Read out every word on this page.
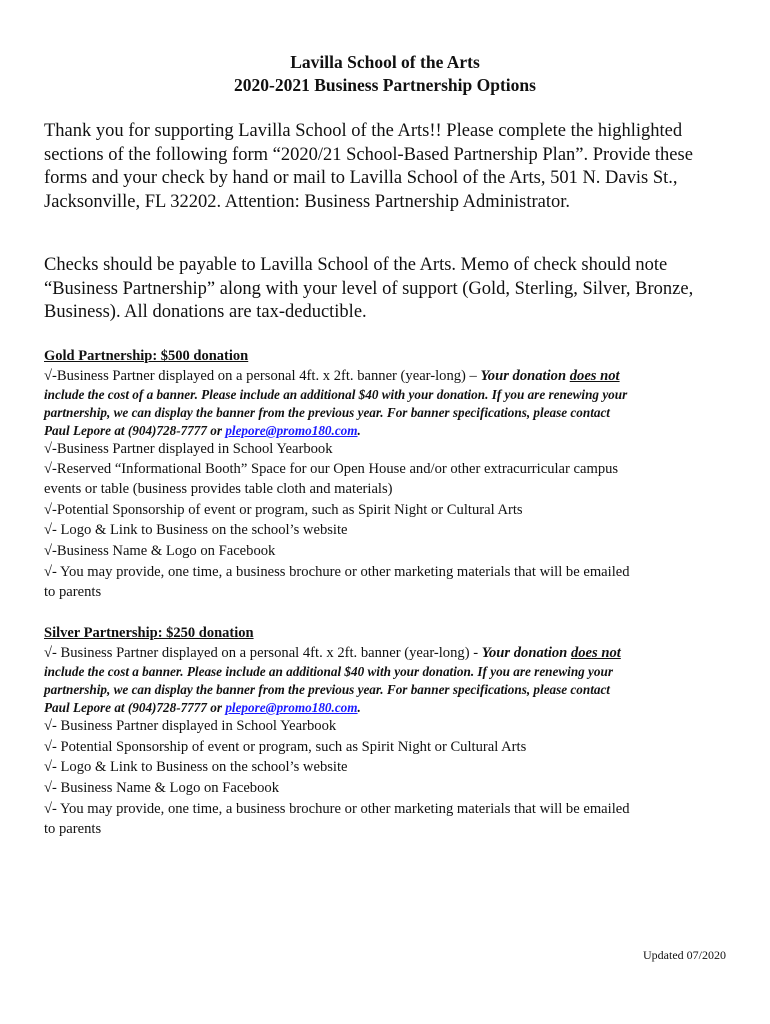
Lavilla School of the Arts
2020-2021 Business Partnership Options
Thank you for supporting Lavilla School of the Arts!! Please complete the highlighted sections of the following form “2020/21 School-Based Partnership Plan”. Provide these forms and your check by hand or mail to Lavilla School of the Arts, 501 N. Davis St., Jacksonville, FL 32202. Attention: Business Partnership Administrator.
Checks should be payable to Lavilla School of the Arts. Memo of check should note “Business Partnership” along with your level of support (Gold, Sterling, Silver, Bronze, Business). All donations are tax-deductible.
Gold Partnership: $500 donation
√-Business Partner displayed on a personal 4ft. x 2ft. banner (year-long) – Your donation does not
include the cost of a banner. Please include an additional $40 with your donation. If you are renewing your
partnership, we can display the banner from the previous year. For banner specifications, please contact
Paul Lepore at (904)728-7777 or plepore@promo180.com.
√-Business Partner displayed in School Yearbook
√-Reserved “Informational Booth” Space for our Open House and/or other extracurricular campus
events or table (business provides table cloth and materials)
√-Potential Sponsorship of event or program, such as Spirit Night or Cultural Arts
√- Logo & Link to Business on the school’s website
√-Business Name & Logo on Facebook
√- You may provide, one time, a business brochure or other marketing materials that will be emailed
to parents
Silver Partnership: $250 donation
√- Business Partner displayed on a personal 4ft. x 2ft. banner (year-long) - Your donation does not
include the cost a banner. Please include an additional $40 with your donation. If you are renewing your
partnership, we can display the banner from the previous year. For banner specifications, please contact
Paul Lepore at (904)728-7777 or plepore@promo180.com.
√- Business Partner displayed in School Yearbook
√- Potential Sponsorship of event or program, such as Spirit Night or Cultural Arts
√- Logo & Link to Business on the school’s website
√- Business Name & Logo on Facebook
√- You may provide, one time, a business brochure or other marketing materials that will be emailed
to parents
Updated 07/2020
